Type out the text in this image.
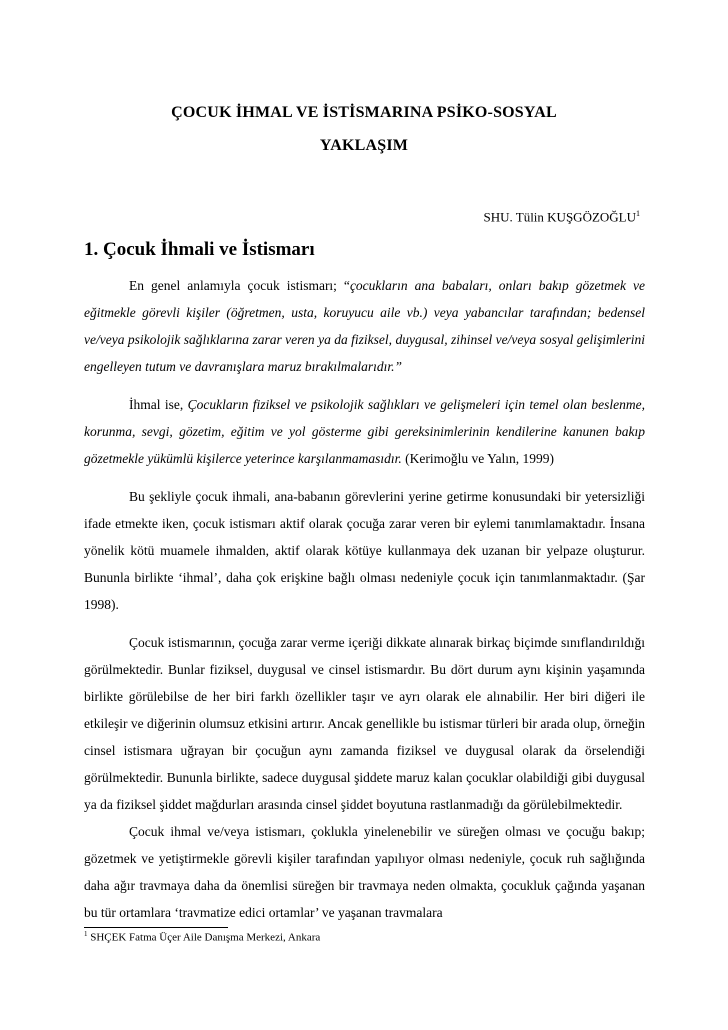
ÇOCUK İHMAL VE İSTİSMARINA PSİKO-SOSYAL
YAKLAŞIM
SHU. Tülin KUŞGÖZOĞLU$^1$
1. Çocuk İhmali ve İstismarı

En genel anlamıyla çocuk istismarı; “çocukların ana babaları, onları bakıp gözetmek ve eğitmekle görevli kişiler (öğretmen, usta, koruyucu aile vb.) veya yabancılar tarafından; bedensel ve/veya psikolojik sağlıklarına zarar veren ya da fiziksel, duygusal, zihinsel ve/veya sosyal gelişimlerini engelleyen tutum ve davranışlara maruz bırakılmalarıdır.”

İhmal ise, Çocukların fiziksel ve psikolojik sağlıkları ve gelişmeleri için temel olan beslenme, korunma, sevgi, gözetim, eğitim ve yol gösterme gibi gereksinimlerinin kendilerine kanunen bakıp gözetmekle yükümlü kişilerce yeterince karşılanmamasıdır. (Kerimoğlu ve Yalın, 1999)

Bu şekliyle çocuk ihmali, ana-babanın görevlerini yerine getirme konusundaki bir yetersizliği ifade etmekte iken, çocuk istismarı aktif olarak çocuğa zarar veren bir eylemi tanımlamaktadır. İnsana yönelik kötü muamele ihmalden, aktif olarak kötüye kullanmaya dek uzanan bir yelpaze oluşturur. Bununla birlikte ‘ihmal’, daha çok erişkine bağlı olması nedeniyle çocuk için tanımlanmaktadır. (Şar 1998).

Çocuk istismarının, çocuğa zarar verme içeriği dikkate alınarak birkaç biçimde sınıflandırıldığı görülmektedir. Bunlar fiziksel, duygusal ve cinsel istismardır. Bu dört durum aynı kişinin yaşamında birlikte görülebilse de her biri farklı özellikler taşır ve ayrı olarak ele alınabilir. Her biri diğeri ile etkileşir ve diğerinin olumsuz etkisini artırır. Ancak genellikle bu istismar türleri bir arada olup, örneğin cinsel istismara uğrayan bir çocuğun aynı zamanda fiziksel ve duygusal olarak da örselendiği görülmektedir. Bununla birlikte, sadece duygusal şiddete maruz kalan çocuklar olabildiği gibi duygusal ya da fiziksel şiddet mağdurları arasında cinsel şiddet boyutuna rastlanmadığı da görülebilmektedir.

Çocuk ihmal ve/veya istismarı, çoklukla yinelenebilir ve süreğen olması ve çocuğu bakıp; gözetmek ve yetiştirmekle görevli kişiler tarafından yapılıyor olması nedeniyle, çocuk ruh sağlığında daha ağır travmaya daha da önemlisi süreğen bir travmaya neden olmakta, çocukluk çağında yaşanan bu tür ortamlara ‘travmatize edici ortamlar’ ve yaşanan travmalara

$^1$ SHÇEK Fatma Üçer Aile Danışma Merkezi, Ankara
